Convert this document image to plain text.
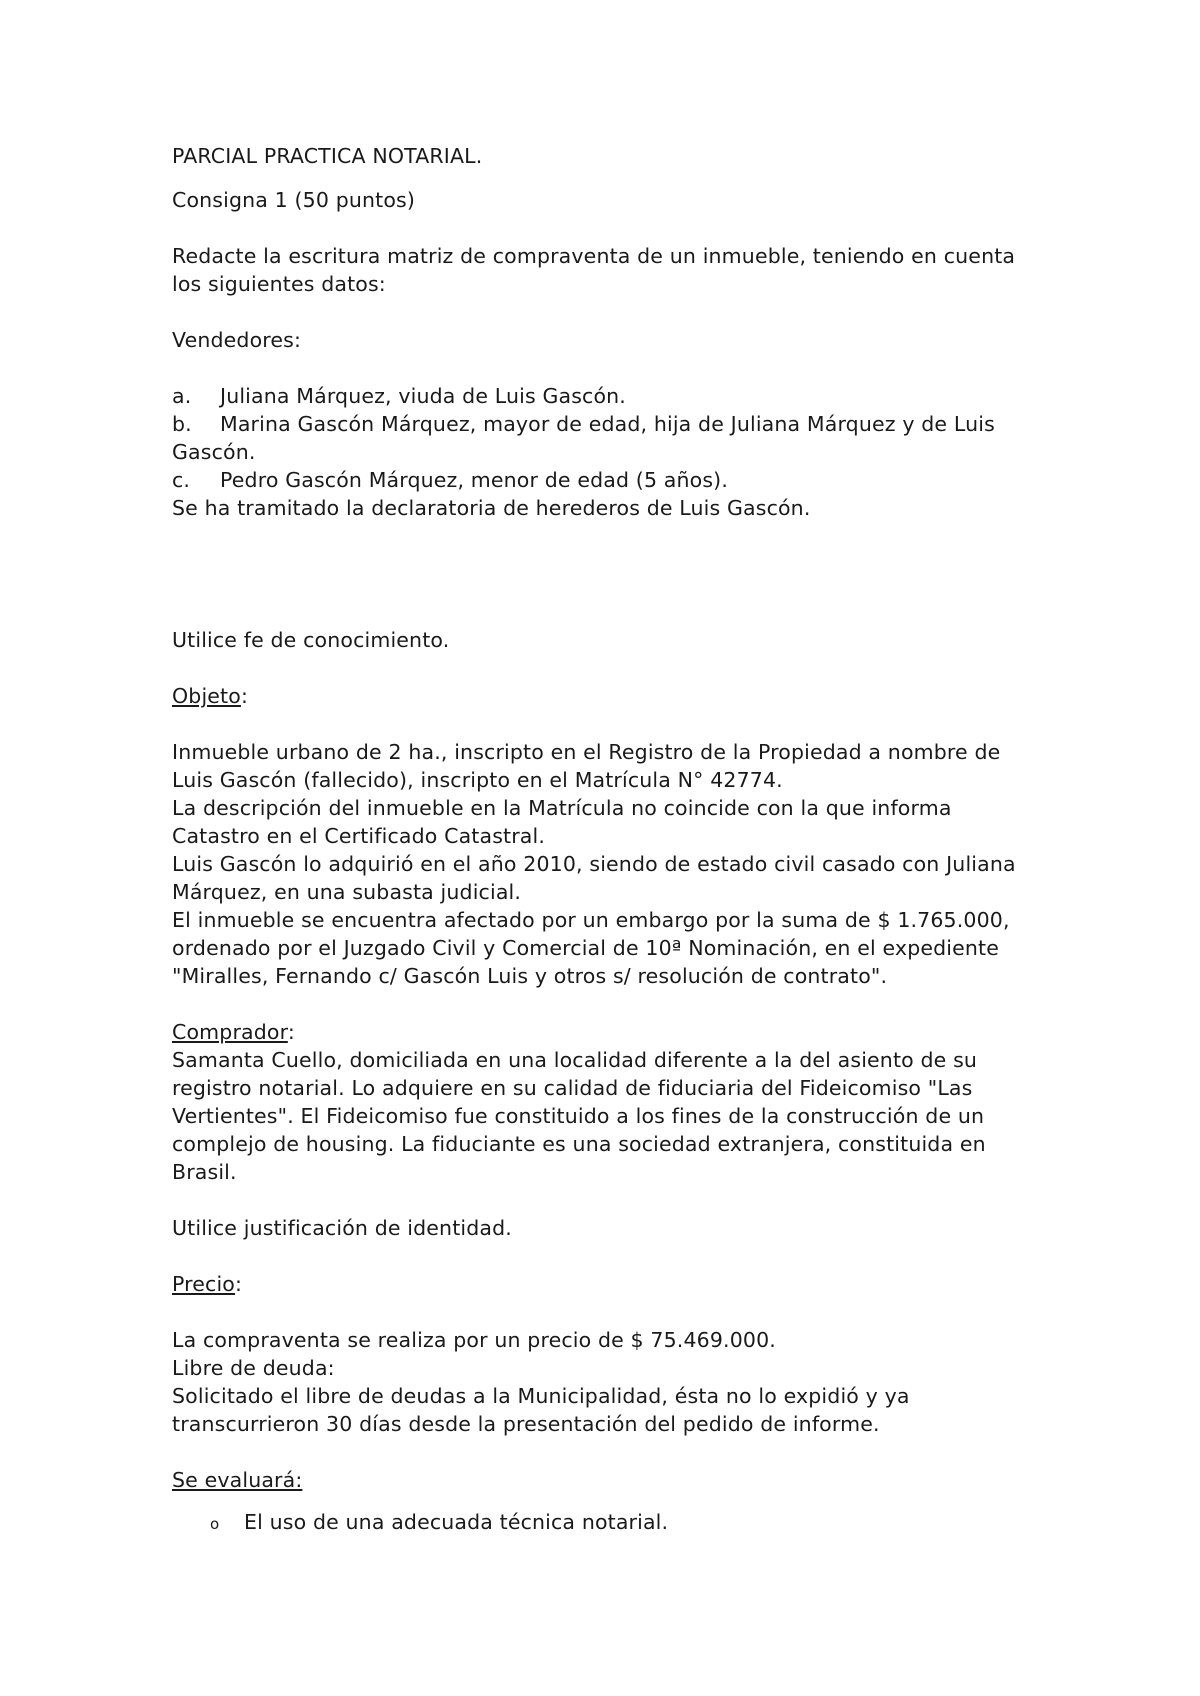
PARCIAL PRACTICA NOTARIAL.

Consigna 1 (50 puntos)

Redacte la escritura matriz de compraventa de un inmueble, teniendo en cuenta los siguientes datos:

Vendedores:

a. Juliana Márquez, viuda de Luis Gascón.

b. Marina Gascón Márquez, mayor de edad, hija de Juliana Márquez y de Luis Gascón.

c. Pedro Gascón Márquez, menor de edad (5 años).

Se ha tramitado la declaratoria de herederos de Luis Gascón.

Utilice fe de conocimiento.

Objeto:

Inmueble urbano de 2 ha., inscripto en el Registro de la Propiedad a nombre de Luis Gascón (fallecido), inscripto en el Matrícula N° 42774.

La descripción del inmueble en la Matrícula no coincide con la que informa Catastro en el Certificado Catastral.

Luis Gascón lo adquirió en el año 2010, siendo de estado civil casado con Juliana Márquez, en una subasta judicial.

El inmueble se encuentra afectado por un embargo por la suma de $ 1.765.000, ordenado por el Juzgado Civil y Comercial de 10ª Nominación, en el expediente "Miralles, Fernando c/ Gascón Luis y otros s/ resolución de contrato".

Comprador:

Samanta Cuello, domiciliada en una localidad diferente a la del asiento de su registro notarial. Lo adquiere en su calidad de fiduciaria del Fideicomiso "Las Vertientes". El Fideicomiso fue constituido a los fines de la construcción de un complejo de housing. La fiduciante es una sociedad extranjera, constituida en Brasil.

Utilice justificación de identidad.

Precio:

La compraventa se realiza por un precio de $ 75.469.000.

Libre de deuda:

Solicitado el libre de deudas a la Municipalidad, ésta no lo expidió y ya transcurrieron 30 días desde la presentación del pedido de informe.

Se evaluará:

o	El uso de una adecuada técnica notarial.
